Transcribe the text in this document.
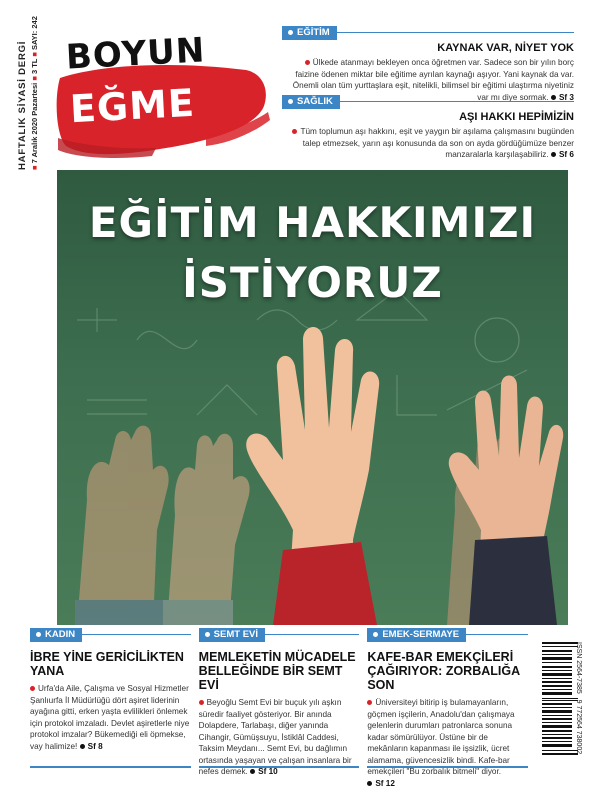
HAFTALIK SİYASİ DERGİ ■ 7 Aralık 2020 Pazartesi ■ 3 TL ■ SAYI: 242 BOYUN
EĞME
EĞİTİM
KAYNAK VAR, NİYET YOK

Ülkede atanmayı bekleyen onca öğretmen var. Sadece son bir yılın borç faizine ödenen miktar bile eğitime ayrılan kaynağı aşıyor. Yani kaynak da var. Önemli olan tüm yurttaşlara eşit, nitelikli, bilimsel bir eğitimi ulaştırma niyetiniz var mı diye sormak. Sf 3

SAĞLIK
AŞI HAKKI HEPİMİZİN

Tüm toplumun aşı hakkını, eşit ve yaygın bir aşılama çalışmasını bugünden talep etmezsek, yarın aşı konusunda da son on ayda gördüğümüze benzer manzaralarla karşılaşabiliriz. Sf 6

EĞİTİM HAKKIMIZI
İSTİYORUZ
KADIN
İBRE YİNE GERİCİLİKTEN YANA

Urfa'da Aile, Çalışma ve Sosyal Hizmetler Şanlıurfa İl Müdürlüğü dört aşiret liderinin ayağına gitti, erken yaşta evlilikleri önlemek için protokol imzaladı. Devlet aşiretlerle niye protokol imzalar? Bükemediği eli öpmekse, vay halimize! Sf 8

SEMT EVİ
MEMLEKETİN MÜCADELE BELLEĞİNDE BİR SEMT EVİ

Beyoğlu Semt Evi bir buçuk yılı aşkın süredir faaliyet gösteriyor. Bir anında Dolapdere, Tarlabaşı, diğer yanında Cihangir, Gümüşsuyu, İstiklâl Caddesi, Taksim Meydanı... Semt Evi, bu dağlımın ortasında yaşayan ve çalışan insanlara bir nefes demek. Sf 10

EMEK-SERMAYE
KAFE-BAR EMEKÇİLERİ ÇAĞIRIYOR: ZORBALIĞA SON

Üniversiteyi bitirip iş bulamayanların, göçmen işçilerin, Anadolu'dan çalışmaya gelenlerin durumları patronlarca sonuna kadar sömürülüyor. Üstüne bir de mekânların kapanması ile işsizlik, ücret alamama, güvencesizlik bindi. Kafe-bar emekçileri "Bu zorbalık bitmeli" diyor. Sf 12

ISSN 2564-7385   9 772564 738002
